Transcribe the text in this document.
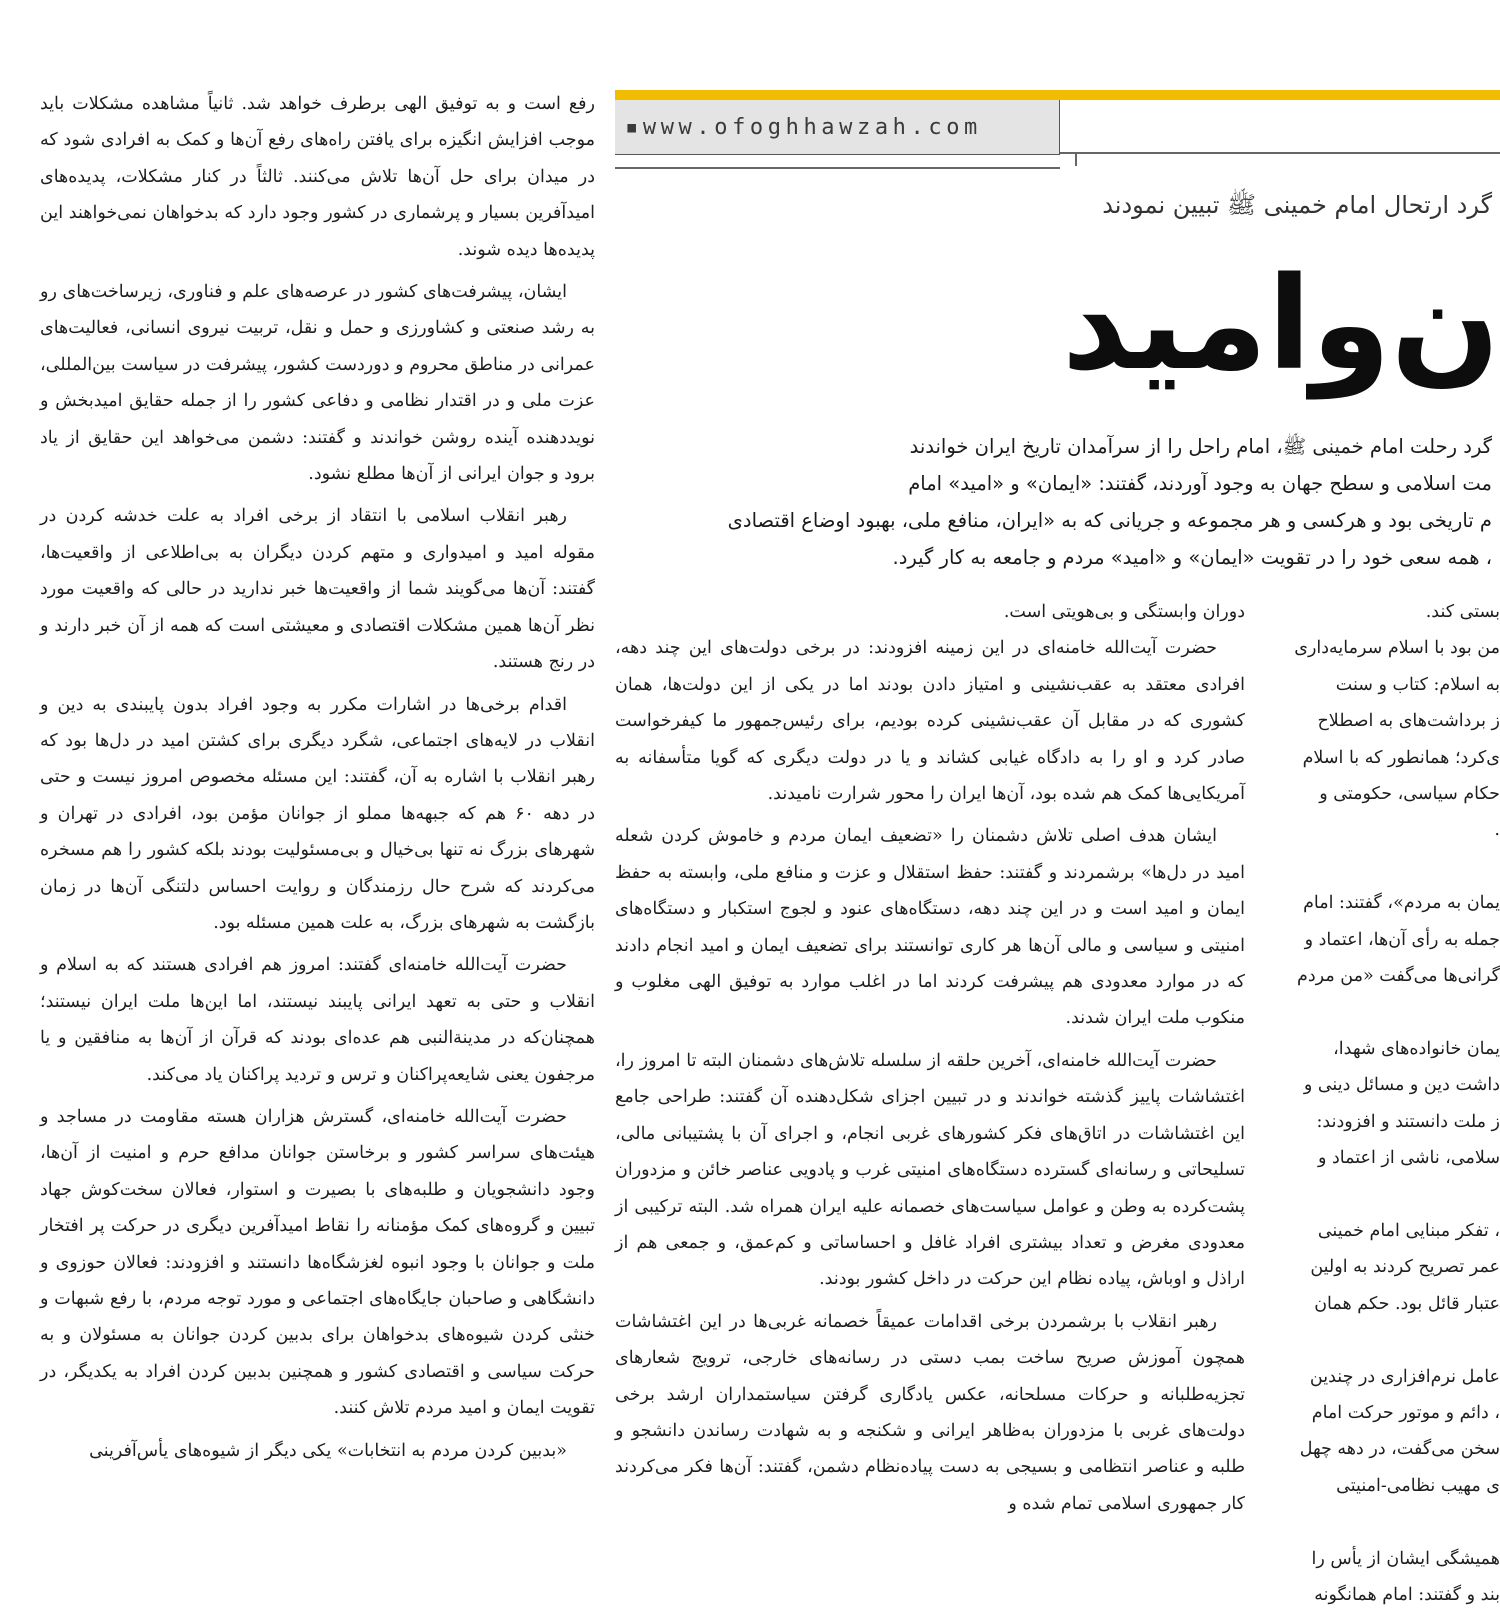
▪www.ofoghhawzah.com
گرد ارتحال امام خمینی ﷺ تبیین نمودند
ن‌وامید

گرد رحلت امام خمینی ﷺ، امام راحل را از سرآمدان تاریخ ایران خواندند

مت اسلامی و سطح جهان به وجود آوردند، گفتند: «ایمان» و «امید» امام

م تاریخی بود و هرکسی و هر مجموعه و جریانی که به «ایران، منافع ملی، بهبود اوضاع اقتصادی

، همه سعی خود را در تقویت «ایمان» و «امید» مردم و جامعه به کار گیرد.

رفع است و به توفیق الهی برطرف خواهد شد. ثانیاً مشاهده مشکلات باید موجب افزایش انگیزه برای یافتن راه‌های رفع آن‌ها و کمک به افرادی شود که در میدان برای حل آن‌ها تلاش می‌کنند. ثالثاً در کنار مشکلات، پدیده‌های امیدآفرین بسیار و پرشماری در کشور وجود دارد که بدخواهان نمی‌خواهند این پدیده‌ها دیده شوند.

ایشان، پیشرفت‌های کشور در عرصه‌های علم و فناوری، زیرساخت‌های رو به رشد صنعتی و کشاورزی و حمل و نقل، تربیت نیروی انسانی، فعالیت‌های عمرانی در مناطق محروم و دوردست کشور، پیشرفت در سیاست بین‌المللی، عزت ملی و در اقتدار نظامی و دفاعی کشور را از جمله حقایق امیدبخش و نویددهنده آینده روشن خواندند و گفتند: دشمن می‌خواهد این حقایق از یاد برود و جوان ایرانی از آن‌ها مطلع نشود.

رهبر انقلاب اسلامی با انتقاد از برخی افراد به علت خدشه کردن در مقوله امید و امیدواری و متهم کردن دیگران به بی‌اطلاعی از واقعیت‌ها، گفتند: آن‌ها می‌گویند شما از واقعیت‌ها خبر ندارید در حالی که واقعیت مورد نظر آن‌ها همین مشکلات اقتصادی و معیشتی است که همه از آن خبر دارند و در رنج هستند.

اقدام برخی‌ها در اشارات مکرر به وجود افراد بدون پایبندی به دین و انقلاب در لایه‌های اجتماعی، شگرد دیگری برای کشتن امید در دل‌ها بود که رهبر انقلاب با اشاره به آن، گفتند: این مسئله مخصوص امروز نیست و حتی در دهه ۶۰ هم که جبهه‌ها مملو از جوانان مؤمن بود، افرادی در تهران و شهرهای بزرگ نه تنها بی‌خیال و بی‌مسئولیت بودند بلکه کشور را هم مسخره می‌کردند که شرح حال رزمندگان و روایت احساس دلتنگی آن‌ها در زمان بازگشت به شهرهای بزرگ، به علت همین مسئله بود.

حضرت آیت‌الله خامنه‌ای گفتند: امروز هم افرادی هستند که به اسلام و انقلاب و حتی به تعهد ایرانی پایبند نیستند، اما این‌ها ملت ایران نیستند؛ همچنان‌که در مدینة‌النبی هم عده‌ای بودند که قرآن از آن‌ها به منافقین و یا مرجفون یعنی شایعه‌پراکنان و ترس و تردید پراکنان یاد می‌کند.

حضرت آیت‌الله خامنه‌ای، گسترش هزاران هسته مقاومت در مساجد و هیئت‌های سراسر کشور و برخاستن جوانان مدافع حرم و امنیت از آن‌ها، وجود دانشجویان و طلبه‌های با بصیرت و استوار، فعالان سخت‌کوش جهاد تبیین و گروه‌های کمک مؤمنانه را نقاط امیدآفرین دیگری در حرکت پر افتخار ملت و جوانان با وجود انبوه لغزشگاه‌ها دانستند و افزودند: فعالان حوزوی و دانشگاهی و صاحبان جایگاه‌های اجتماعی و مورد توجه مردم، با رفع شبهات و خنثی کردن شیوه‌های بدخواهان برای بدبین کردن جوانان به مسئولان و به حرکت سیاسی و اقتصادی کشور و همچنین بدبین کردن افراد به یکدیگر، در تقویت ایمان و امید مردم تلاش کنند.

«بدبین کردن مردم به انتخابات» یکی دیگر از شیوه‌های یأس‌آفرینی

دوران وابستگی و بی‌هویتی است.

حضرت آیت‌الله خامنه‌ای در این زمینه افزودند: در برخی دولت‌های این چند دهه، افرادی معتقد به عقب‌نشینی و امتیاز دادن بودند اما در یکی از این دولت‌ها، همان کشوری که در مقابل آن عقب‌نشینی کرده بودیم، برای رئیس‌جمهور ما کیفرخواست صادر کرد و او را به دادگاه غیابی کشاند و یا در دولت دیگری که گویا متأسفانه به آمریکایی‌ها کمک هم شده بود، آن‌ها ایران را محور شرارت نامیدند.

ایشان هدف اصلی تلاش دشمنان را «تضعیف ایمان مردم و خاموش کردن شعله امید در دل‌ها» برشمردند و گفتند: حفظ استقلال و عزت و منافع ملی، وابسته به حفظ ایمان و امید است و در این چند دهه، دستگاه‌های عنود و لجوج استکبار و دستگاه‌های امنیتی و سیاسی و مالی آن‌ها هر کاری توانستند برای تضعیف ایمان و امید انجام دادند که در موارد معدودی هم پیشرفت کردند اما در اغلب موارد به توفیق الهی مغلوب و منکوب ملت ایران شدند.

حضرت آیت‌الله خامنه‌ای، آخرین حلقه از سلسله تلاش‌های دشمنان البته تا امروز را، اغتشاشات پاییز گذشته خواندند و در تبیین اجزای شکل‌دهنده آن گفتند: طراحی جامع این اغتشاشات در اتاق‌های فکر کشورهای غربی انجام، و اجرای آن با پشتیبانی مالی، تسلیحاتی و رسانه‌ای گسترده دستگاه‌های امنیتی غرب و پادویی عناصر خائن و مزدوران پشت‌کرده به وطن و عوامل سیاست‌های خصمانه علیه ایران همراه شد. البته ترکیبی از معدودی مغرض و تعداد بیشتری افراد غافل و احساساتی و کم‌عمق، و جمعی هم از اراذل و اوباش، پیاده نظام این حرکت در داخل کشور بودند.

رهبر انقلاب با برشمردن برخی اقدامات عمیقاً خصمانه غربی‌ها در این اغتشاشات همچون آموزش صریح ساخت بمب دستی در رسانه‌های خارجی، ترویج شعارهای تجزیه‌طلبانه و حرکات مسلحانه، عکس یادگاری گرفتن سیاستمداران ارشد برخی دولت‌های غربی با مزدوران به‌ظاهر ایرانی و شکنجه و به شهادت رساندن دانشجو و طلبه و عناصر انتظامی و بسیجی به دست پیاده‌نظام دشمن، گفتند: آن‌ها فکر می‌کردند کار جمهوری اسلامی تمام شده و

بستی کند.

من بود با اسلام سرمایه‌داری

به اسلام: کتاب و سنت

ز برداشت‌های به اصطلاح

ی‌کرد؛ همانطور که با اسلام

حکام سیاسی، حکومتی و

.

یمان به مردم»، گفتند: امام

جمله به رأی آن‌ها، اعتماد و

گرانی‌ها می‌گفت «من مردم

یمان خانواده‌های شهدا،

داشت دین و مسائل دینی و

ز ملت دانستند و افزودند:

سلامی، ناشی از اعتماد و

، تفکر مبنایی امام خمینی

عمر تصریح کردند به اولین

عتبار قائل بود. حکم همان

عامل نرم‌افزاری در چندین

، دائم و موتور حرکت امام

سخن می‌گفت، در دهه چهل

ی مهیب نظامی-امنیتی

همیشگی ایشان از یأس را

بند و گفتند: امام همانگونه
